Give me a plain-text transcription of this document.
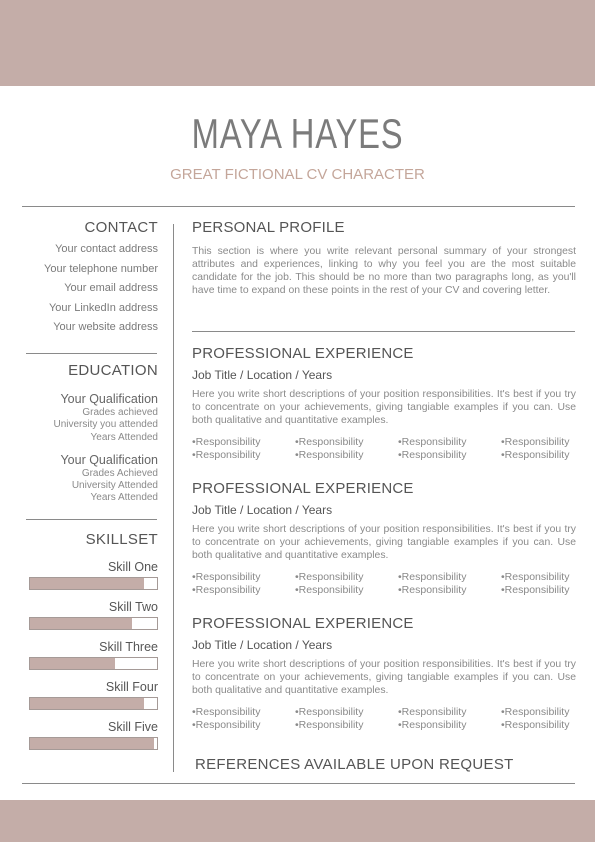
MAYA HAYES
GREAT FICTIONAL CV CHARACTER
CONTACT
Your contact address
Your telephone number
Your email address
Your LinkedIn address
Your website address
EDUCATION
Your Qualification
Grades achieved
University you attended
Years Attended
Your Qualification
Grades Achieved
University Attended
Years Attended
SKILLSET
Skill One
Skill Two
Skill Three
Skill Four
Skill Five
PERSONAL PROFILE
This section is where you write relevant personal summary of your strongest attributes and experiences, linking to why you feel you are the most suitable candidate for the job. This should be no more than two paragraphs long, as you'll have time to expand on these points in the rest of your CV and covering letter.
PROFESSIONAL EXPERIENCE
Job Title / Location / Years
Here you write short descriptions of your position responsibilities. It's best if you try to concentrate on your achievements, giving tangiable examples if you can. Use both qualitative and quantitative examples.
•Responsibility	•Responsibility	•Responsibility	•Responsibility
•Responsibility	•Responsibility	•Responsibility	•Responsibility
PROFESSIONAL EXPERIENCE
Job Title / Location / Years
Here you write short descriptions of your position responsibilities. It's best if you try to concentrate on your achievements, giving tangiable examples if you can. Use both qualitative and quantitative examples.
•Responsibility	•Responsibility	•Responsibility	•Responsibility
•Responsibility	•Responsibility	•Responsibility	•Responsibility
PROFESSIONAL EXPERIENCE
Job Title / Location / Years
Here you write short descriptions of your position responsibilities. It's best if you try to concentrate on your achievements, giving tangiable examples if you can. Use both qualitative and quantitative examples.
•Responsibility	•Responsibility	•Responsibility	•Responsibility
•Responsibility	•Responsibility	•Responsibility	•Responsibility
REFERENCES AVAILABLE UPON REQUEST
